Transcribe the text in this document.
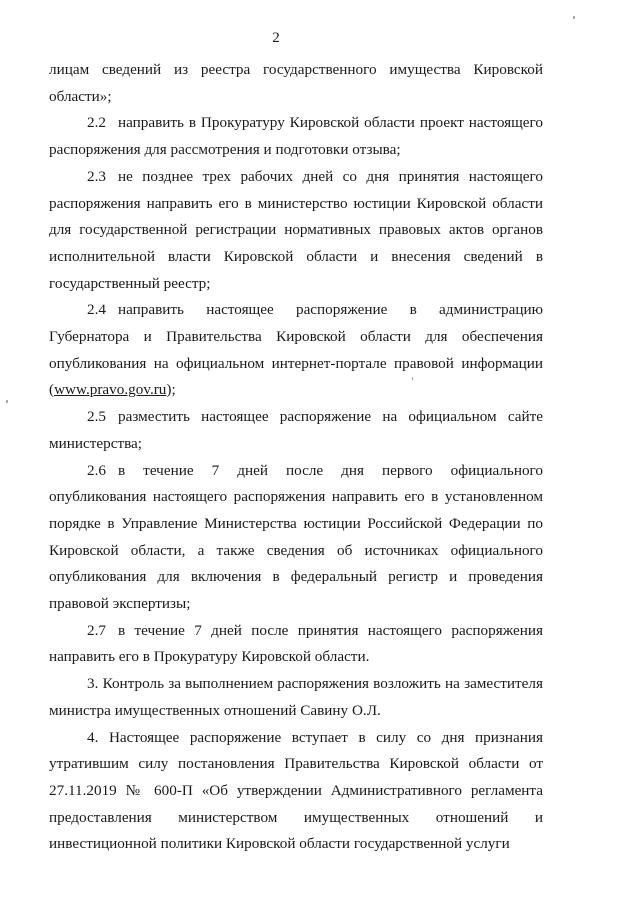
2

лицам сведений из реестра государственного имущества Кировской области»;

2.2 направить в Прокуратуру Кировской области проект настоящего распоряжения для рассмотрения и подготовки отзыва;

2.3 не позднее трех рабочих дней со дня принятия настоящего распоряжения направить его в министерство юстиции Кировской области для государственной регистрации нормативных правовых актов органов исполнительной власти Кировской области и внесения сведений в государственный реестр;

2.4 направить настоящее распоряжение в администрацию Губернатора и Правительства Кировской области для обеспечения опубликования на официальном интернет-портале правовой информации (www.pravo.gov.ru);

2.5 разместить настоящее распоряжение на официальном сайте министерства;

2.6 в течение 7 дней после дня первого официального опубликования настоящего распоряжения направить его в установленном порядке в Управление Министерства юстиции Российской Федерации по Кировской области, а также сведения об источниках официального опубликования для включения в федеральный регистр и проведения правовой экспертизы;

2.7 в течение 7 дней после принятия настоящего распоряжения направить его в Прокуратуру Кировской области.

3. Контроль за выполнением распоряжения возложить на заместителя министра имущественных отношений Савину О.Л.

4. Настоящее распоряжение вступает в силу со дня признания утратившим силу постановления Правительства Кировской области от 27.11.2019 № 600-П «Об утверждении Административного регламента предоставления министерством имущественных отношений и инвестиционной политики Кировской области государственной услуги
